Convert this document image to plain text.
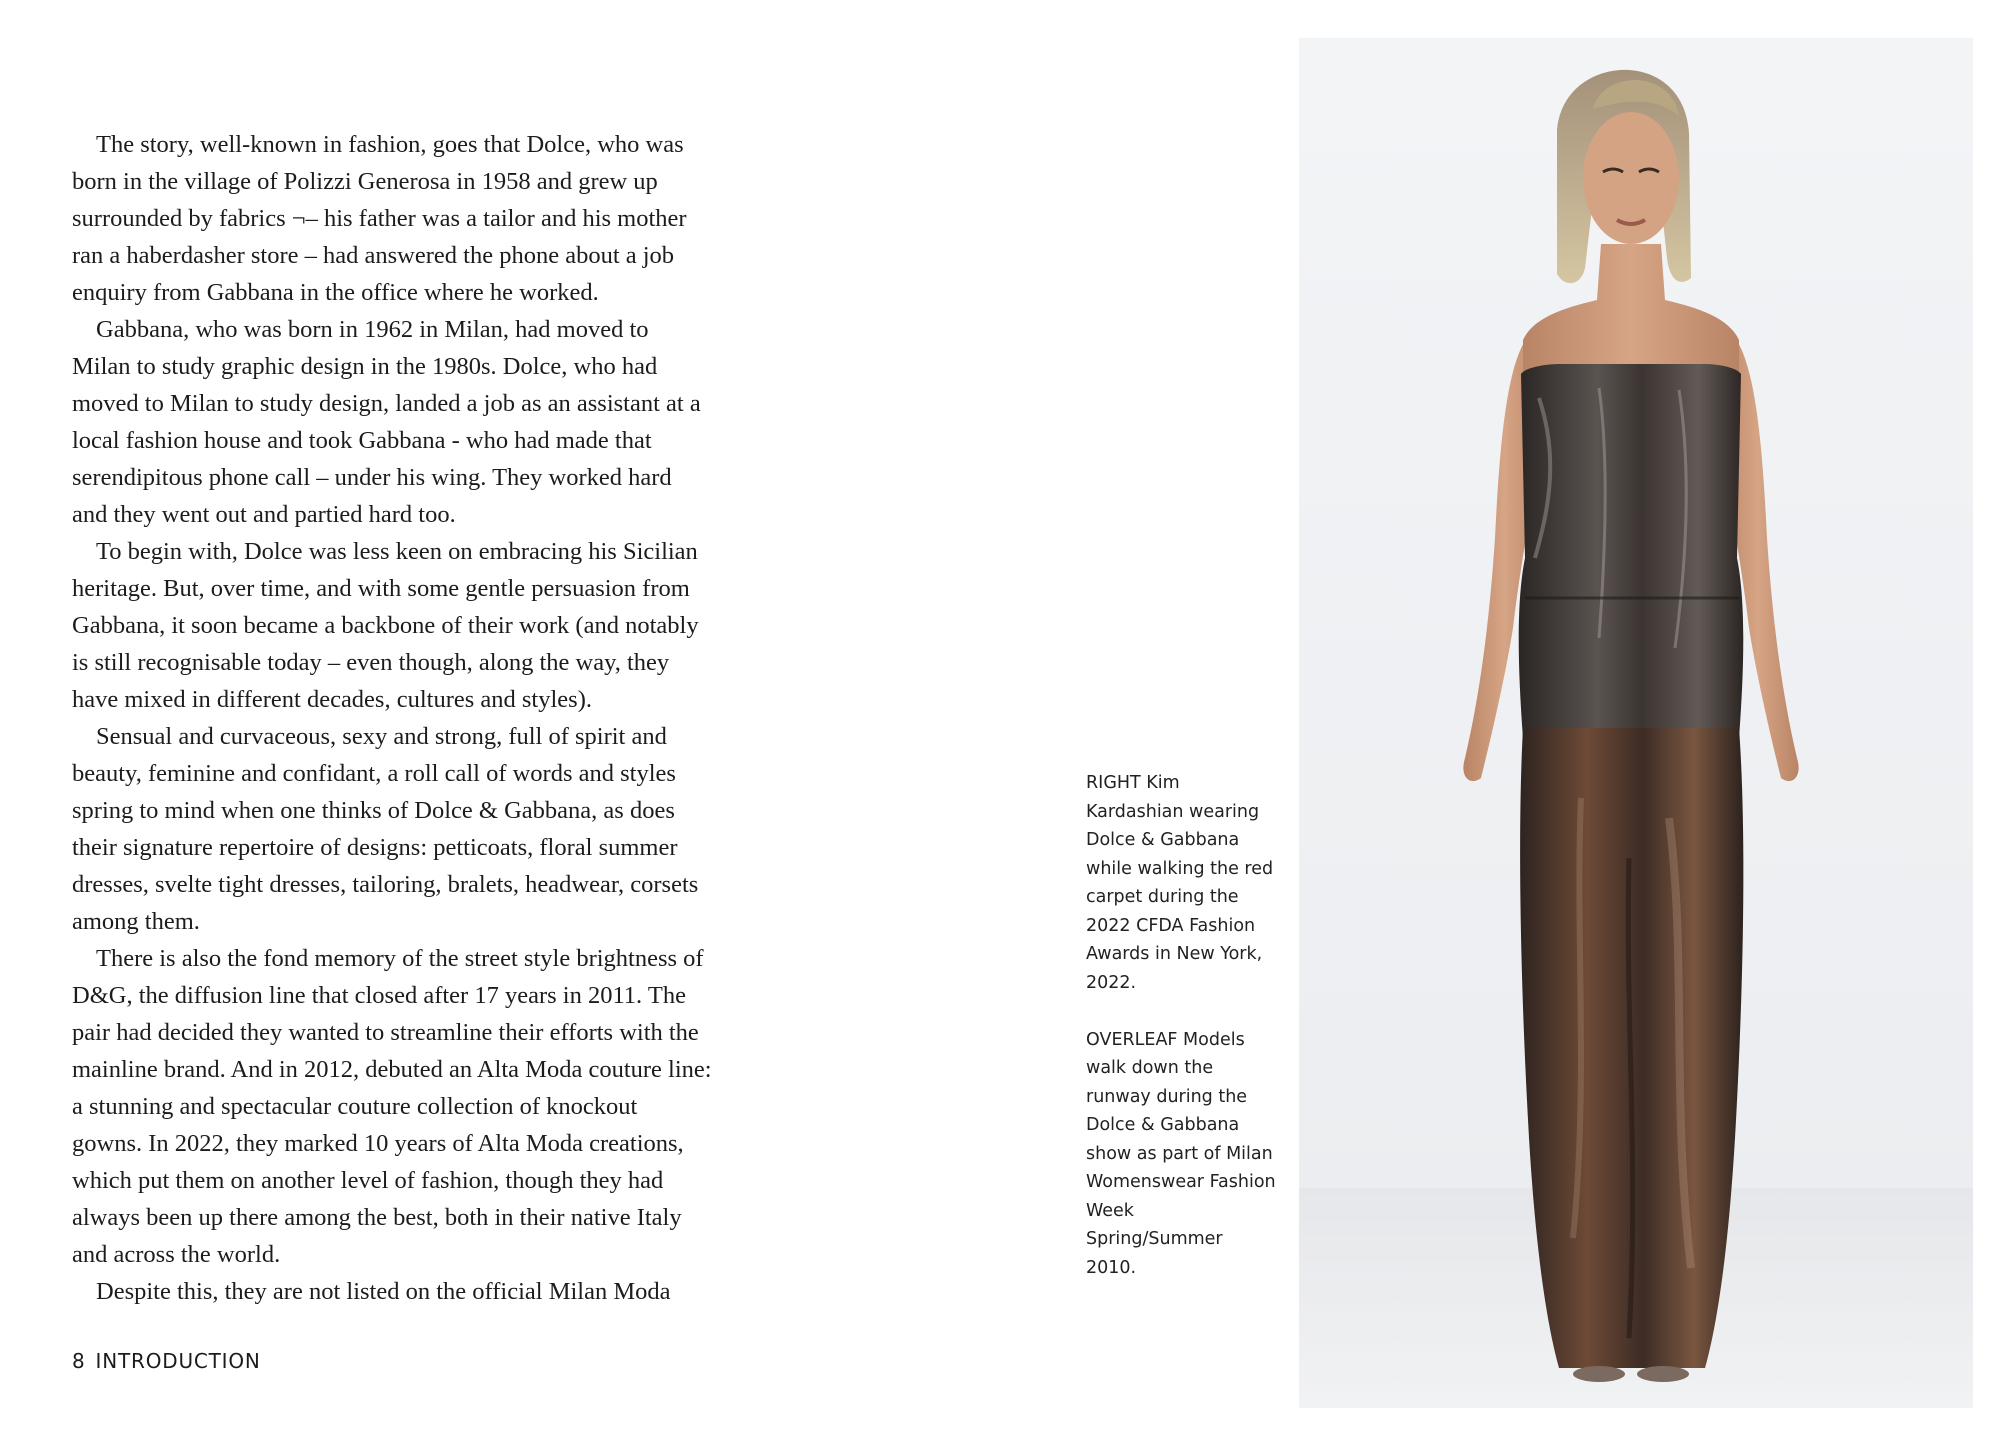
The story, well-known in fashion, goes that Dolce, who was born in the village of Polizzi Generosa in 1958 and grew up surrounded by fabrics ¬– his father was a tailor and his mother ran a haberdasher store – had answered the phone about a job enquiry from Gabbana in the office where he worked.

Gabbana, who was born in 1962 in Milan, had moved to Milan to study graphic design in the 1980s. Dolce, who had moved to Milan to study design, landed a job as an assistant at a local fashion house and took Gabbana - who had made that serendipitous phone call – under his wing. They worked hard and they went out and partied hard too.

To begin with, Dolce was less keen on embracing his Sicilian heritage. But, over time, and with some gentle persuasion from Gabbana, it soon became a backbone of their work (and notably is still recognisable today – even though, along the way, they have mixed in different decades, cultures and styles).

Sensual and curvaceous, sexy and strong, full of spirit and beauty, feminine and confidant, a roll call of words and styles spring to mind when one thinks of Dolce & Gabbana, as does their signature repertoire of designs: petticoats, floral summer dresses, svelte tight dresses, tailoring, bralets, headwear, corsets among them.

There is also the fond memory of the street style brightness of D&G, the diffusion line that closed after 17 years in 2011. The pair had decided they wanted to streamline their efforts with the mainline brand. And in 2012, debuted an Alta Moda couture line: a stunning and spectacular couture collection of knockout gowns. In 2022, they marked 10 years of Alta Moda creations, which put them on another level of fashion, though they had always been up there among the best, both in their native Italy and across the world.

Despite this, they are not listed on the official Milan Moda

8 INTRODUCTION

RIGHT Kim Kardashian wearing Dolce & Gabbana while walking the red carpet during the 2022 CFDA Fashion Awards in New York, 2022.

OVERLEAF Models walk down the runway during the Dolce & Gabbana show as part of Milan Womenswear Fashion Week Spring/Summer 2010.
